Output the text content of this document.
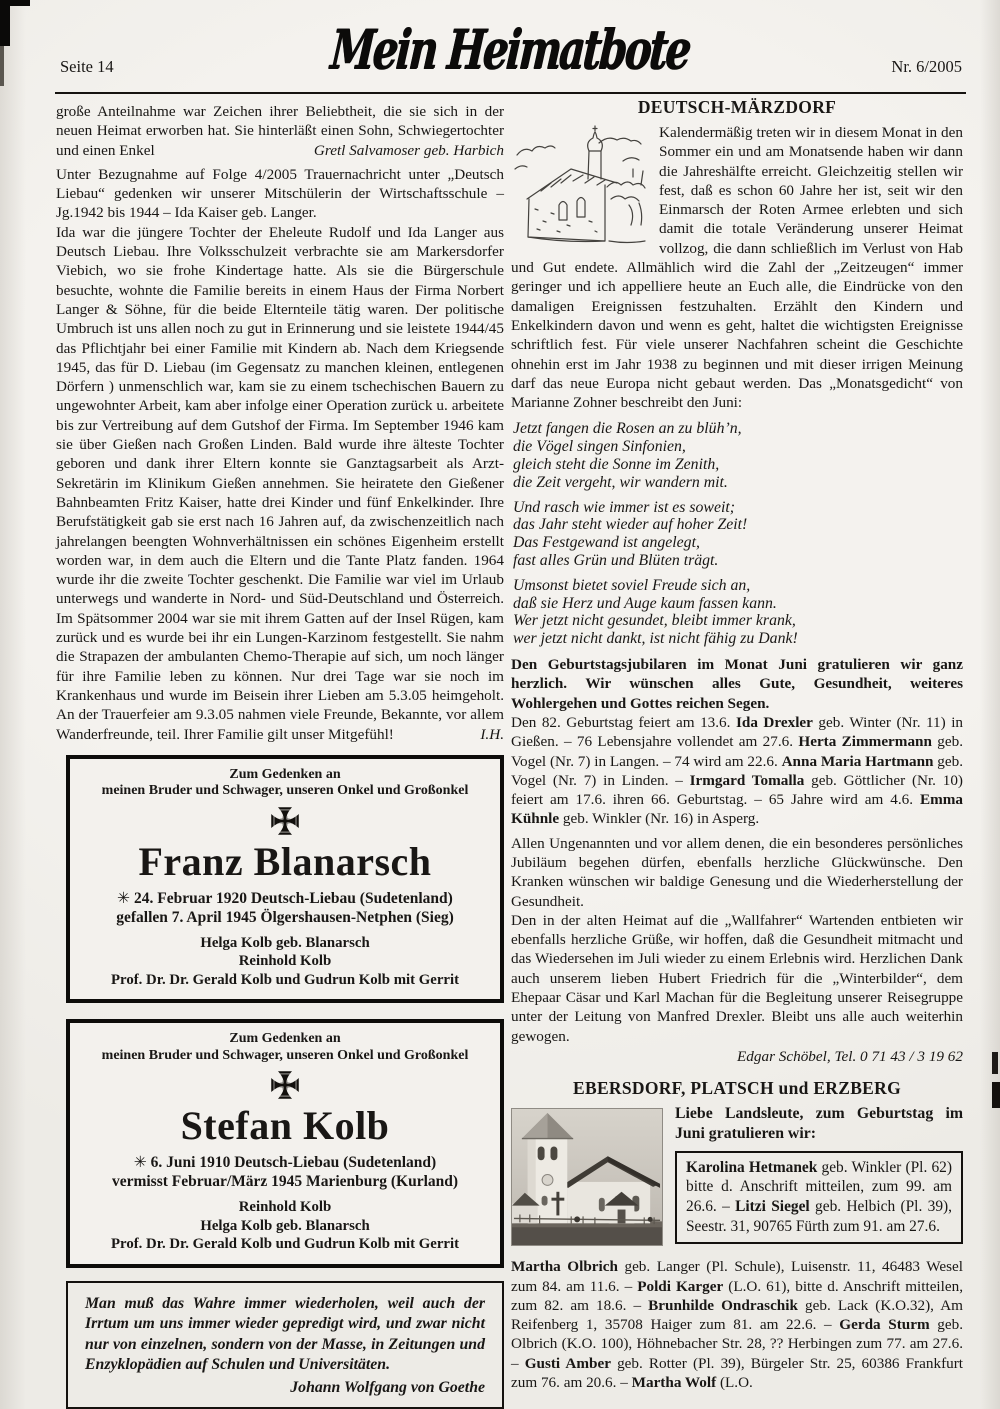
Mein Heimatbote
Seite 14	Nr. 6/2005

große Anteilnahme war Zeichen ihrer Beliebtheit, die sie sich in der neuen Heimat erworben hat. Sie hinterläßt einen Sohn, Schwiegertochter und einen Enkel	Gretl Salvamoser geb. Harbich

Unter Bezugnahme auf Folge 4/2005 Trauernachricht unter „Deutsch Liebau“ gedenken wir unserer Mitschülerin der Wirtschaftsschule – Jg.1942 bis 1944 – Ida Kaiser geb. Langer.

Ida war die jüngere Tochter der Eheleute Rudolf und Ida Langer aus Deutsch Liebau. Ihre Volksschulzeit verbrachte sie am Markersdorfer Viebich, wo sie frohe Kindertage hatte. Als sie die Bürgerschule besuchte, wohnte die Familie bereits in einem Haus der Firma Norbert Langer & Söhne, für die beide Elternteile tätig waren. Der politische Umbruch ist uns allen noch zu gut in Erinnerung und sie leistete 1944/45 das Pflichtjahr bei einer Familie mit Kindern ab. Nach dem Kriegsende 1945, das für D. Liebau (im Gegensatz zu manchen kleinen, entlegenen Dörfern ) unmenschlich war, kam sie zu einem tschechischen Bauern zu ungewohnter Arbeit, kam aber infolge einer Operation zurück u. arbeitete bis zur Vertreibung auf dem Gutshof der Firma. Im September 1946 kam sie über Gießen nach Großen Linden. Bald wurde ihre älteste Tochter geboren und dank ihrer Eltern konnte sie Ganztagsarbeit als Arzt-Sekretärin im Klinikum Gießen annehmen. Sie heiratete den Gießener Bahnbeamten Fritz Kaiser, hatte drei Kinder und fünf Enkelkinder. Ihre Berufstätigkeit gab sie erst nach 16 Jahren auf, da zwischenzeitlich nach jahrelangen beengten Wohnverhältnissen ein schönes Eigenheim erstellt worden war, in dem auch die Eltern und die Tante Platz fanden. 1964 wurde ihr die zweite Tochter geschenkt. Die Familie war viel im Urlaub unterwegs und wanderte in Nord- und Süd-Deutschland und Österreich. Im Spätsommer 2004 war sie mit ihrem Gatten auf der Insel Rügen, kam zurück und es wurde bei ihr ein Lungen-Karzinom festgestellt. Sie nahm die Strapazen der ambulanten Chemo-Therapie auf sich, um noch länger für ihre Familie leben zu können. Nur drei Tage war sie noch im Krankenhaus und wurde im Beisein ihrer Lieben am 5.3.05 heimgeholt. An der Trauerfeier am 9.3.05 nahmen viele Freunde, Bekannte, vor allem Wanderfreunde, teil. Ihrer Familie gilt unser Mitgefühl!	I.H.

Zum Gedenken an
meinen Bruder und Schwager, unseren Onkel und Großonkel
Franz Blanarsch
✳ 24. Februar 1920 Deutsch-Liebau (Sudetenland)
gefallen 7. April 1945 Ölgershausen-Netphen (Sieg)
Helga Kolb geb. Blanarsch
Reinhold Kolb
Prof. Dr. Dr. Gerald Kolb und Gudrun Kolb mit Gerrit
Zum Gedenken an
meinen Bruder und Schwager, unseren Onkel und Großonkel
Stefan Kolb
✳ 6. Juni 1910 Deutsch-Liebau (Sudetenland)
vermisst Februar/März 1945 Marienburg (Kurland)
Reinhold Kolb
Helga Kolb geb. Blanarsch
Prof. Dr. Dr. Gerald Kolb und Gudrun Kolb mit Gerrit
Man muß das Wahre immer wiederholen, weil auch der Irrtum um uns immer wieder gepredigt wird, und zwar nicht nur von einzelnen, sondern von der Masse, in Zeitungen und Enzyklopädien auf Schulen und Universitäten.
Johann Wolfgang von Goethe
DEUTSCH-MÄRZDORF

Kalendermäßig treten wir in diesem Monat in den Sommer ein und am Monatsende haben wir dann die Jahreshälfte erreicht. Gleichzeitig stellen wir fest, daß es schon 60 Jahre her ist, seit wir den Einmarsch der Roten Armee erlebten und sich damit die totale Veränderung unserer Heimat vollzog, die dann schließlich im Verlust von Hab und Gut endete. Allmählich wird die Zahl der „Zeitzeugen“ immer geringer und ich appelliere heute an Euch alle, die Eindrücke von den damaligen Ereignissen festzuhalten. Erzählt den Kindern und Enkelkindern davon und wenn es geht, haltet die wichtigsten Ereignisse schriftlich fest. Für viele unserer Nachfahren scheint die Geschichte ohnehin erst im Jahr 1938 zu beginnen und mit dieser irrigen Meinung darf das neue Europa nicht gebaut werden. Das „Monatsgedicht“ von Marianne Zohner beschreibt den Juni:

Jetzt fangen die Rosen an zu blüh’n,
die Vögel singen Sinfonien,
gleich steht die Sonne im Zenith,
die Zeit vergeht, wir wandern mit.
Und rasch wie immer ist es soweit;
das Jahr steht wieder auf hoher Zeit!
Das Festgewand ist angelegt,
fast alles Grün und Blüten trägt.
Umsonst bietet soviel Freude sich an,
daß sie Herz und Auge kaum fassen kann.
Wer jetzt nicht gesundet, bleibt immer krank,
wer jetzt nicht dankt, ist nicht fähig zu Dank!

Den Geburtstagsjubilaren im Monat Juni gratulieren wir ganz herzlich. Wir wünschen alles Gute, Gesundheit, weiteres Wohlergehen und Gottes reichen Segen.

Den 82. Geburtstag feiert am 13.6. Ida Drexler geb. Winter (Nr. 11) in Gießen. – 76 Lebensjahre vollendet am 27.6. Herta Zimmermann geb. Vogel (Nr. 7) in Langen. – 74 wird am 22.6. Anna Maria Hartmann geb. Vogel (Nr. 7) in Linden. – Irmgard Tomalla geb. Göttlicher (Nr. 10) feiert am 17.6. ihren 66. Geburtstag. – 65 Jahre wird am 4.6. Emma Kühnle geb. Winkler (Nr. 16) in Asperg.

Allen Ungenannten und vor allem denen, die ein besonderes persönliches Jubiläum begehen dürfen, ebenfalls herzliche Glückwünsche. Den Kranken wünschen wir baldige Genesung und die Wiederherstellung der Gesundheit.

Den in der alten Heimat auf die „Wallfahrer“ Wartenden entbieten wir ebenfalls herzliche Grüße, wir hoffen, daß die Gesundheit mitmacht und das Wiedersehen im Juli wieder zu einem Erlebnis wird. Herzlichen Dank auch unserem lieben Hubert Friedrich für die „Winterbilder“, dem Ehepaar Cäsar und Karl Machan für die Begleitung unserer Reisegruppe unter der Leitung von Manfred Drexler. Bleibt uns alle auch weiterhin gewogen.

Edgar Schöbel, Tel. 0 71 43 / 3 19 62
EBERSDORF, PLATSCH und ERZBERG

Liebe Landsleute, zum Geburtstag im Juni gratulieren wir:

Karolina Hetmanek geb. Winkler (Pl. 62) bitte d. Anschrift mitteilen, zum 99. am 26.6. – Litzi Siegel geb. Helbich (Pl. 39), Seestr. 31, 90765 Fürth zum 91. am 27.6.

Martha Olbrich geb. Langer (Pl. Schule), Luisenstr. 11, 46483 Wesel zum 84. am 11.6. – Poldi Karger (L.O. 61), bitte d. Anschrift mitteilen, zum 82. am 18.6. – Brunhilde Ondraschik geb. Lack (K.O.32), Am Reifenberg 1, 35708 Haiger zum 81. am 22.6. – Gerda Sturm geb. Olbrich (K.O. 100), Höhnebacher Str. 28, ?? Herbingen zum 77. am 27.6. – Gusti Amber geb. Rotter (Pl. 39), Bürgeler Str. 25, 60386 Frankfurt zum 76. am 20.6. – Martha Wolf (L.O.
